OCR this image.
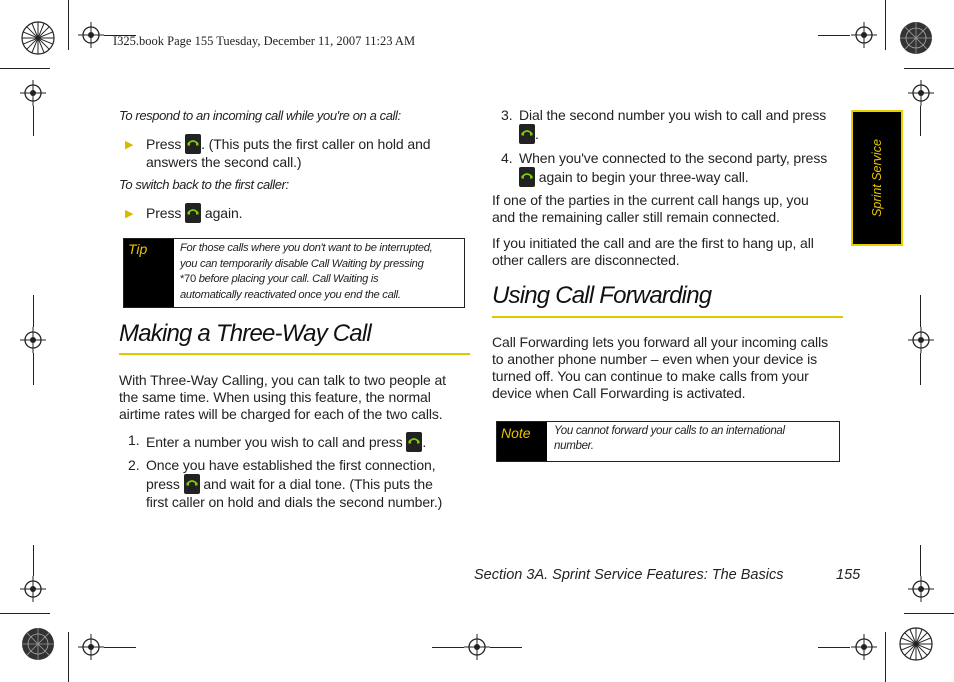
I325.book Page 155 Tuesday, December 11, 2007 11:23 AM
To respond to an incoming call while you're on a call:
▶ Press . (This puts the first caller on hold and
answers the second call.)
To switch back to the first caller:
▶ Press again.
Tip	For those calls where you don't want to be interrupted,
you can temporarily disable Call Waiting by pressing
*70 before placing your call. Call Waiting is
automatically reactivated once you end the call.
Making a Three-Way Call
With Three-Way Calling, you can talk to two people at
the same time. When using this feature, the normal
airtime rates will be charged for each of the two calls.
1. Enter a number you wish to call and press .
2. Once you have established the first connection,
press and wait for a dial tone. (This puts the
first caller on hold and dials the second number.)
3. Dial the second number you wish to call and press

.
4. When you've connected to the second party, press

again to begin your three-way call.
If one of the parties in the current call hangs up, you
and the remaining caller still remain connected.
If you initiated the call and are the first to hang up, all
other callers are disconnected.
Using Call Forwarding
Call Forwarding lets you forward all your incoming calls
to another phone number – even when your device is
turned off. You can continue to make calls from your
device when Call Forwarding is activated.
Note You cannot forward your calls to an international
number.
Sprint Service
Section 3A. Sprint Service Features: The Basics	155
